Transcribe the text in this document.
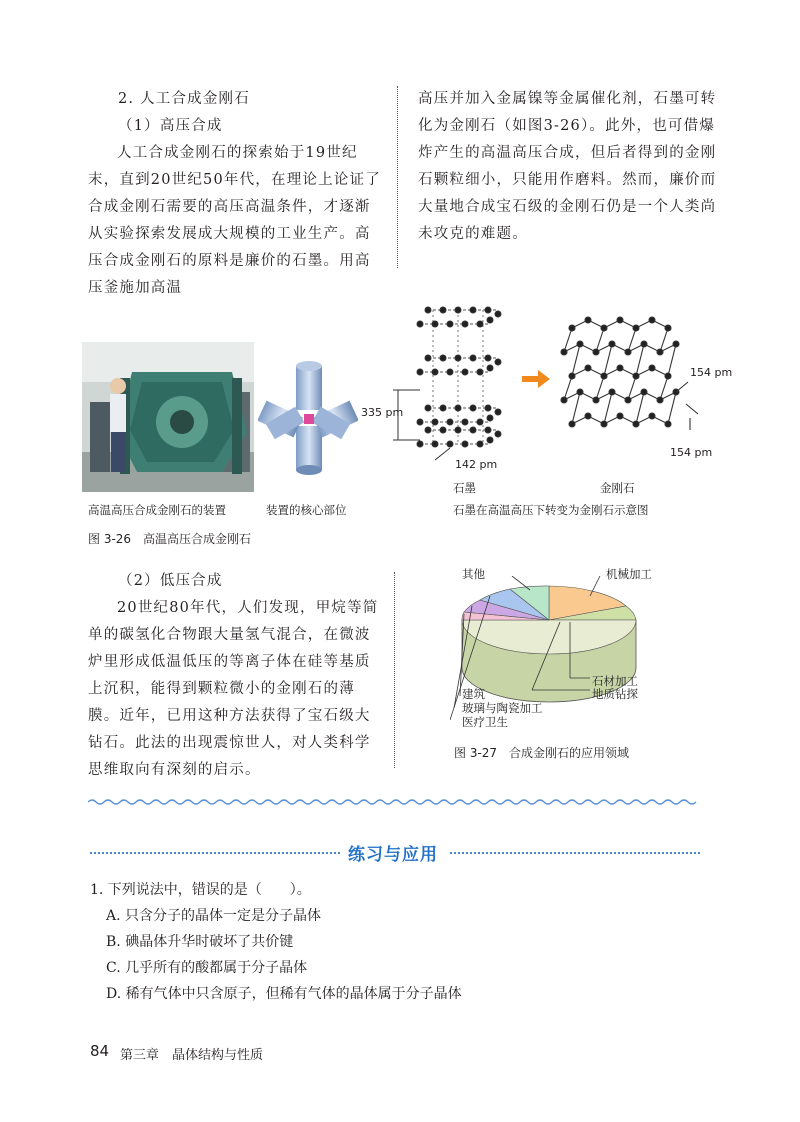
2. 人工合成金刚石

（1）高压合成

人工合成金刚石的探索始于19世纪末，直到20世纪50年代，在理论上论证了合成金刚石需要的高压高温条件，才逐渐从实验探索发展成大规模的工业生产。高压合成金刚石的原料是廉价的石墨。用高压釜施加高温

高压并加入金属镍等金属催化剂，石墨可转化为金刚石（如图3-26）。此外，也可借爆炸产生的高温高压合成，但后者得到的金刚石颗粒细小，只能用作磨料。然而，廉价而大量地合成宝石级的金刚石仍是一个人类尚未攻克的难题。

高温高压合成金刚石的装置	装置的核心部位
335 pm
142 pm
154 pm
154 pm
石墨	金刚石
石墨在高温高压下转变为金刚石示意图
图 3-26　高温高压合成金刚石

（2）低压合成

20世纪80年代，人们发现，甲烷等简单的碳氢化合物跟大量氢气混合，在微波炉里形成低温低压的等离子体在硅等基质上沉积，能得到颗粒微小的金刚石的薄膜。近年，已用这种方法获得了宝石级大钻石。此法的出现震惊世人，对人类科学思维取向有深刻的启示。

其他	机械加工
石材加工
地质钻探
建筑
玻璃与陶瓷加工
医疗卫生
图 3-27　合成金刚石的应用领域
练习与应用
1. 下列说法中，错误的是（　　）。
A. 只含分子的晶体一定是分子晶体
B. 碘晶体升华时破坏了共价键
C. 几乎所有的酸都属于分子晶体
D. 稀有气体中只含原子，但稀有气体的晶体属于分子晶体
84 第三章　晶体结构与性质
